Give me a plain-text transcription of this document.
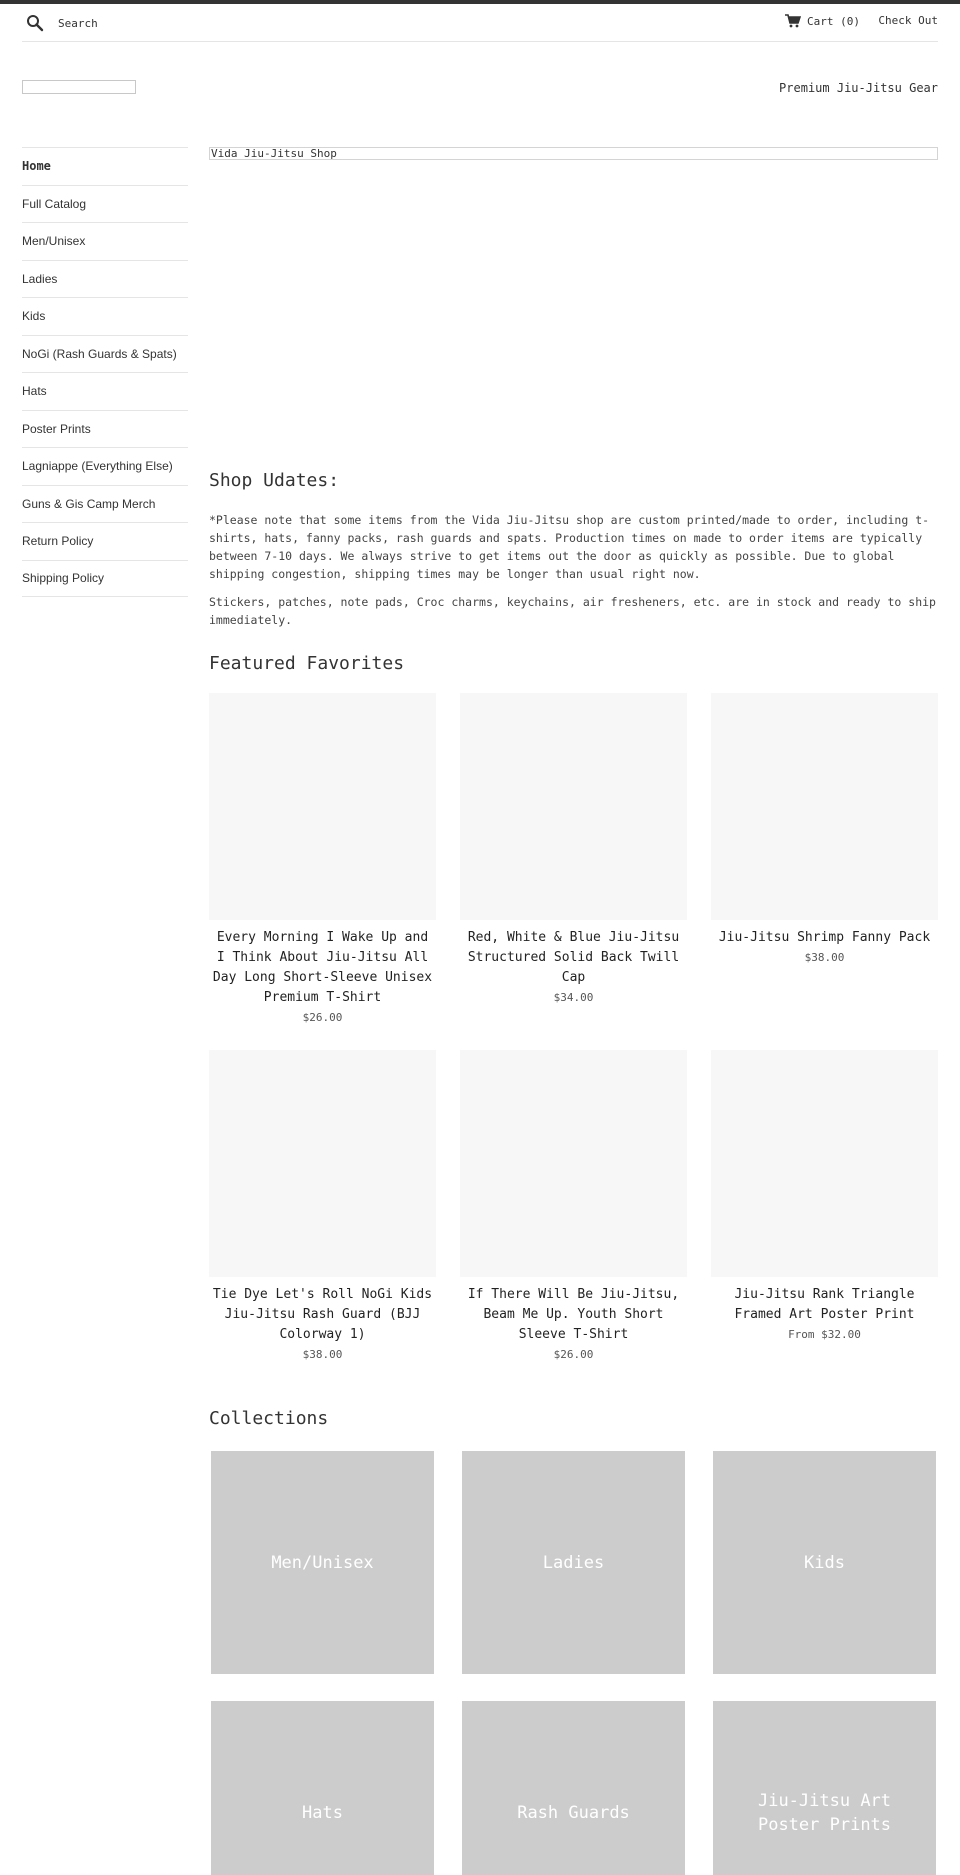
Search
Cart (0) Check Out
Premium Jiu-Jitsu Gear
Home
Full Catalog
Men/Unisex
Ladies
Kids
NoGi (Rash Guards & Spats)
Hats
Poster Prints
Lagniappe (Everything Else)
Guns & Gis Camp Merch
Return Policy
Shipping Policy
Vida Jiu-Jitsu Shop
Shop Udates:

*Please note that some items from the Vida Jiu-Jitsu shop are custom printed/made to order, including t-shirts, hats, fanny packs, rash guards and spats. Production times on made to order items are typically between 7-10 days. We always strive to get items out the door as quickly as possible. Due to global shipping congestion, shipping times may be longer than usual right now.

Stickers, patches, note pads, Croc charms, keychains, air fresheners, etc. are in stock and ready to ship immediately.

Featured Favorites
Every Morning I Wake Up and I Think About Jiu-Jitsu All Day Long Short-Sleeve Unisex Premium T-Shirt
$26.00
Red, White & Blue Jiu-Jitsu Structured Solid Back Twill Cap
$34.00
Jiu-Jitsu Shrimp Fanny Pack
$38.00
Tie Dye Let's Roll NoGi Kids Jiu-Jitsu Rash Guard (BJJ Colorway 1)
$38.00
If There Will Be Jiu-Jitsu, Beam Me Up. Youth Short Sleeve T-Shirt
$26.00
Jiu-Jitsu Rank Triangle Framed Art Poster Print
From $32.00
Collections
Men/Unisex	Ladies	Kids
Hats	Rash Guards
Jiu-Jitsu Art Poster Prints
